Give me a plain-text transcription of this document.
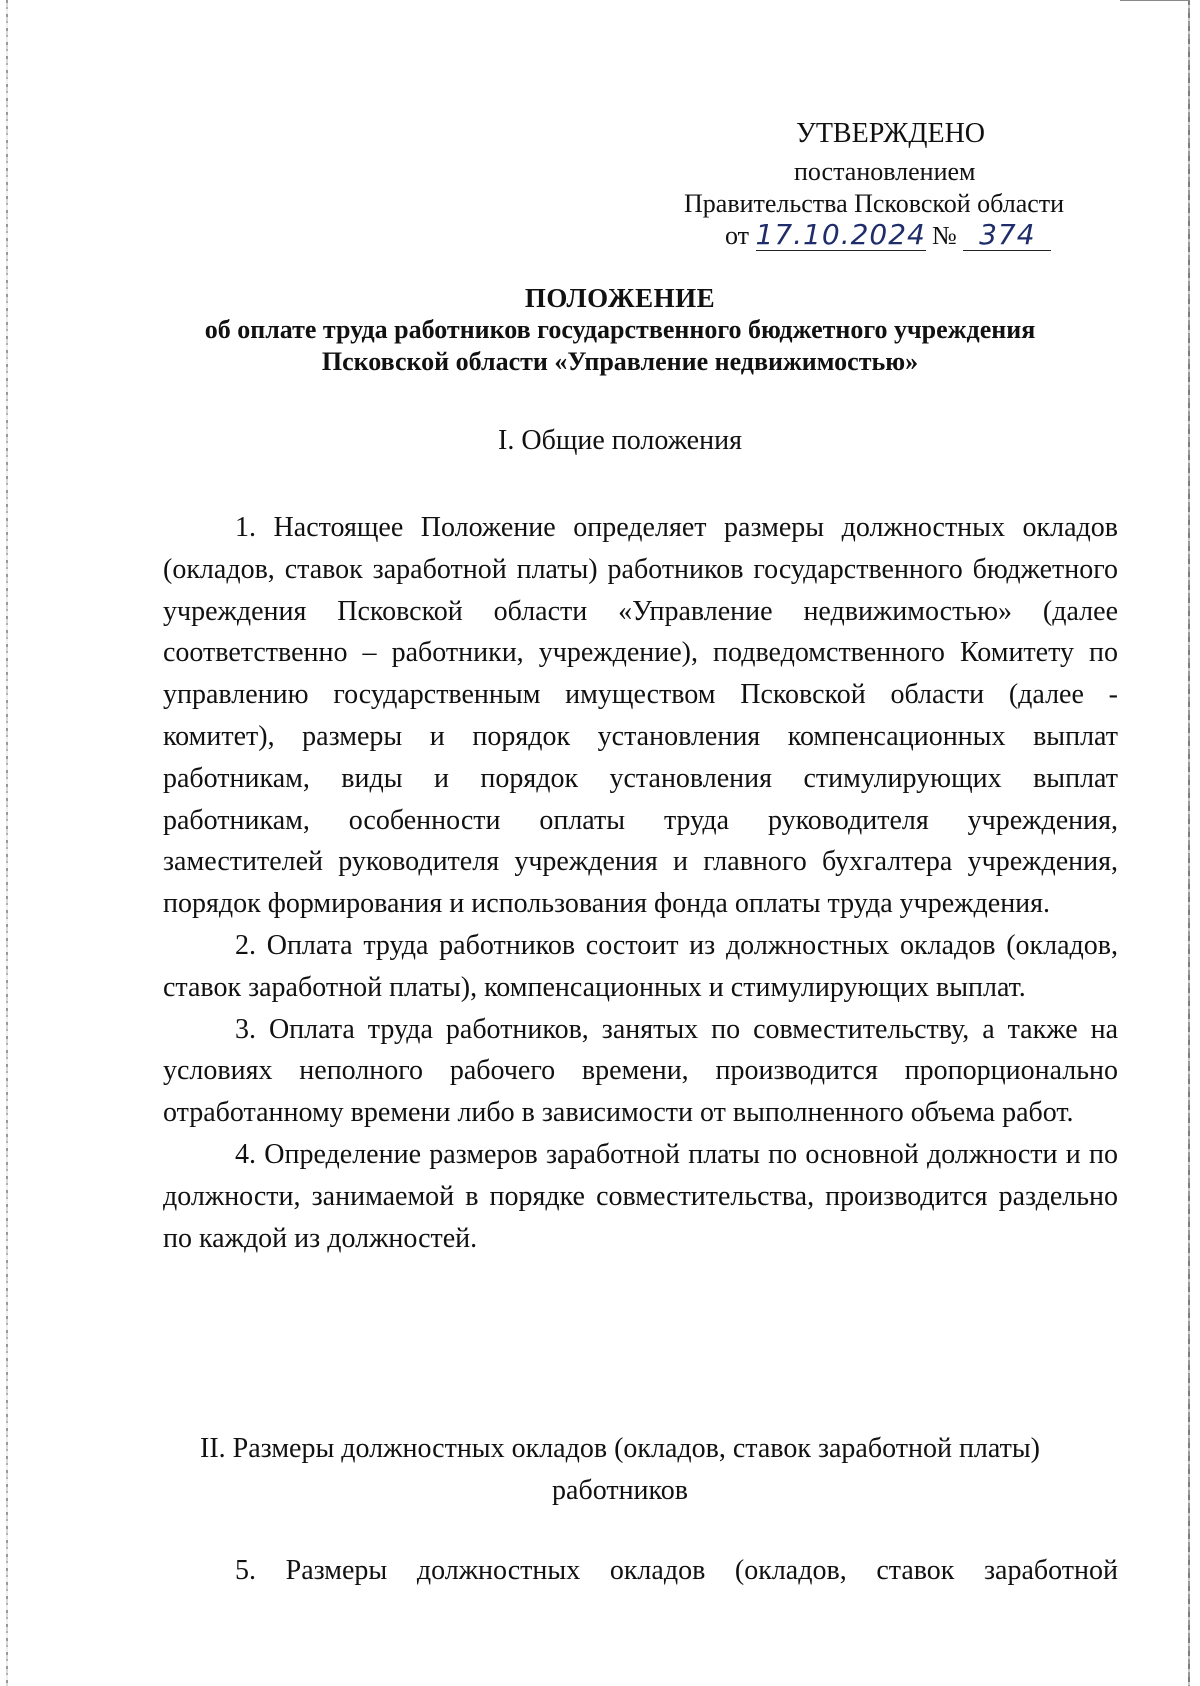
УТВЕРЖДЕНО
постановлением
Правительства Псковской области
от 17.10.2024 № 374
ПОЛОЖЕНИЕ
об оплате труда работников государственного бюджетного учреждения
Псковской области «Управление недвижимостью»
I. Общие положения

1. Настоящее Положение определяет размеры должностных окладов (окладов, ставок заработной платы) работников государственного бюджетного учреждения Псковской области «Управление недвижимостью» (далее соответственно – работники, учреждение), подведомственного Комитету по управлению государственным имуществом Псковской области (далее - комитет), размеры и порядок установления компенсационных выплат работникам, виды и порядок установления стимулирующих выплат работникам, особенности оплаты труда руководителя учреждения, заместителей руководителя учреждения и главного бухгалтера учреждения, порядок формирования и использования фонда оплаты труда учреждения.

2. Оплата труда работников состоит из должностных окладов (окладов, ставок заработной платы), компенсационных и стимулирующих выплат.

3. Оплата труда работников, занятых по совместительству, а также на условиях неполного рабочего времени, производится пропорционально отработанному времени либо в зависимости от выполненного объема работ.

4. Определение размеров заработной платы по основной должности и по должности, занимаемой в порядке совместительства, производится раздельно по каждой из должностей.

II. Размеры должностных окладов (окладов, ставок заработной платы)
работников

5. Размеры должностных окладов (окладов, ставок заработной
